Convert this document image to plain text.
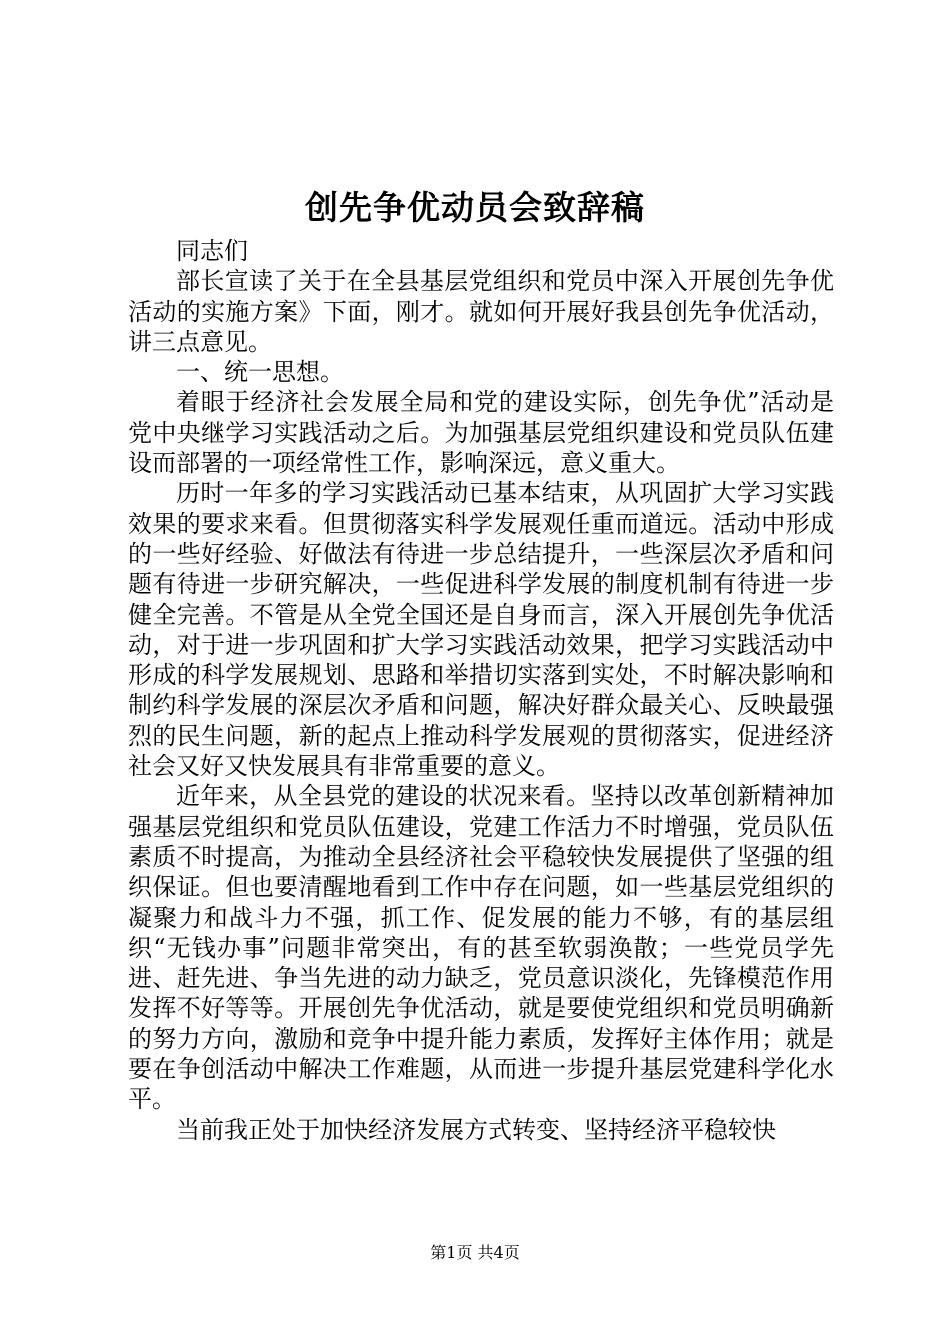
创先争优动员会致辞稿

同志们

部长宣读了关于在全县基层党组织和党员中深入开展创先争优活动的实施方案》下面，刚才。就如何开展好我县创先争优活动，讲三点意见。

一、统一思想。

着眼于经济社会发展全局和党的建设实际，创先争优”活动是党中央继学习实践活动之后。为加强基层党组织建设和党员队伍建设而部署的一项经常性工作，影响深远，意义重大。

历时一年多的学习实践活动已基本结束，从巩固扩大学习实践效果的要求来看。但贯彻落实科学发展观任重而道远。活动中形成的一些好经验、好做法有待进一步总结提升，一些深层次矛盾和问题有待进一步研究解决，一些促进科学发展的制度机制有待进一步健全完善。不管是从全党全国还是自身而言，深入开展创先争优活动，对于进一步巩固和扩大学习实践活动效果，把学习实践活动中形成的科学发展规划、思路和举措切实落到实处，不时解决影响和制约科学发展的深层次矛盾和问题，解决好群众最关心、反映最强烈的民生问题，新的起点上推动科学发展观的贯彻落实，促进经济社会又好又快发展具有非常重要的意义。

近年来，从全县党的建设的状况来看。坚持以改革创新精神加强基层党组织和党员队伍建设，党建工作活力不时增强，党员队伍素质不时提高，为推动全县经济社会平稳较快发展提供了坚强的组织保证。但也要清醒地看到工作中存在问题，如一些基层党组织的凝聚力和战斗力不强，抓工作、促发展的能力不够，有的基层组织“无钱办事”问题非常突出，有的甚至软弱涣散；一些党员学先进、赶先进、争当先进的动力缺乏，党员意识淡化，先锋模范作用发挥不好等等。开展创先争优活动，就是要使党组织和党员明确新的努力方向，激励和竞争中提升能力素质，发挥好主体作用；就是要在争创活动中解决工作难题，从而进一步提升基层党建科学化水平。

当前我正处于加快经济发展方式转变、坚持经济平稳较快

第1页 共4页
